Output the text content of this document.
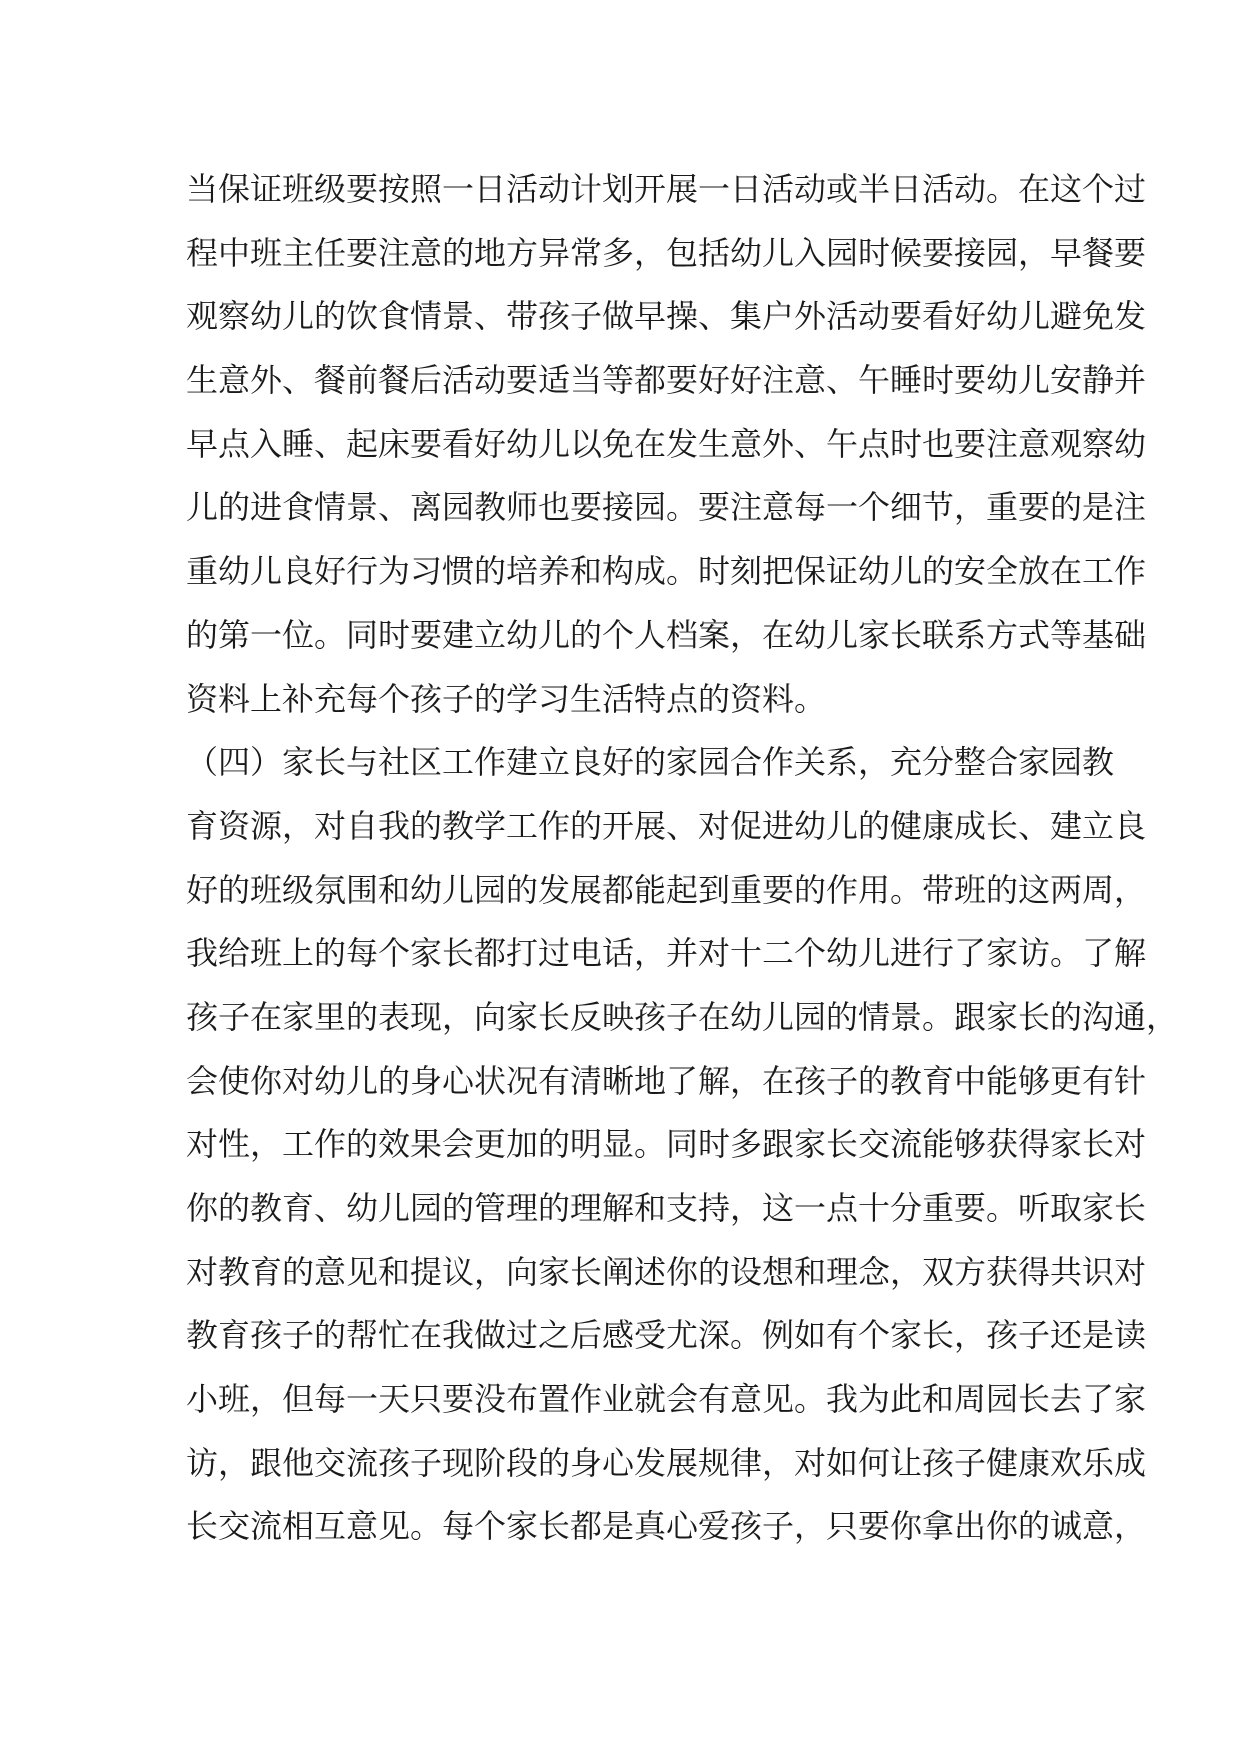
当保证班级要按照一日活动计划开展一日活动或半日活动。在这个过
程中班主任要注意的地方异常多，包括幼儿入园时候要接园，早餐要
观察幼儿的饮食情景、带孩子做早操、集户外活动要看好幼儿避免发
生意外、餐前餐后活动要适当等都要好好注意、午睡时要幼儿安静并
早点入睡、起床要看好幼儿以免在发生意外、午点时也要注意观察幼
儿的进食情景、离园教师也要接园。要注意每一个细节，重要的是注
重幼儿良好行为习惯的培养和构成。时刻把保证幼儿的安全放在工作
的第一位。同时要建立幼儿的个人档案，在幼儿家长联系方式等基础
资料上补充每个孩子的学习生活特点的资料。
（四）家长与社区工作建立良好的家园合作关系，充分整合家园教
育资源，对自我的教学工作的开展、对促进幼儿的健康成长、建立良
好的班级氛围和幼儿园的发展都能起到重要的作用。带班的这两周，
我给班上的每个家长都打过电话，并对十二个幼儿进行了家访。了解
孩子在家里的表现，向家长反映孩子在幼儿园的情景。跟家长的沟通，
会使你对幼儿的身心状况有清晰地了解，在孩子的教育中能够更有针
对性，工作的效果会更加的明显。同时多跟家长交流能够获得家长对
你的教育、幼儿园的管理的理解和支持，这一点十分重要。听取家长
对教育的意见和提议，向家长阐述你的设想和理念，双方获得共识对
教育孩子的帮忙在我做过之后感受尤深。例如有个家长，孩子还是读
小班，但每一天只要没布置作业就会有意见。我为此和周园长去了家
访，跟他交流孩子现阶段的身心发展规律，对如何让孩子健康欢乐成
长交流相互意见。每个家长都是真心爱孩子，只要你拿出你的诚意，
